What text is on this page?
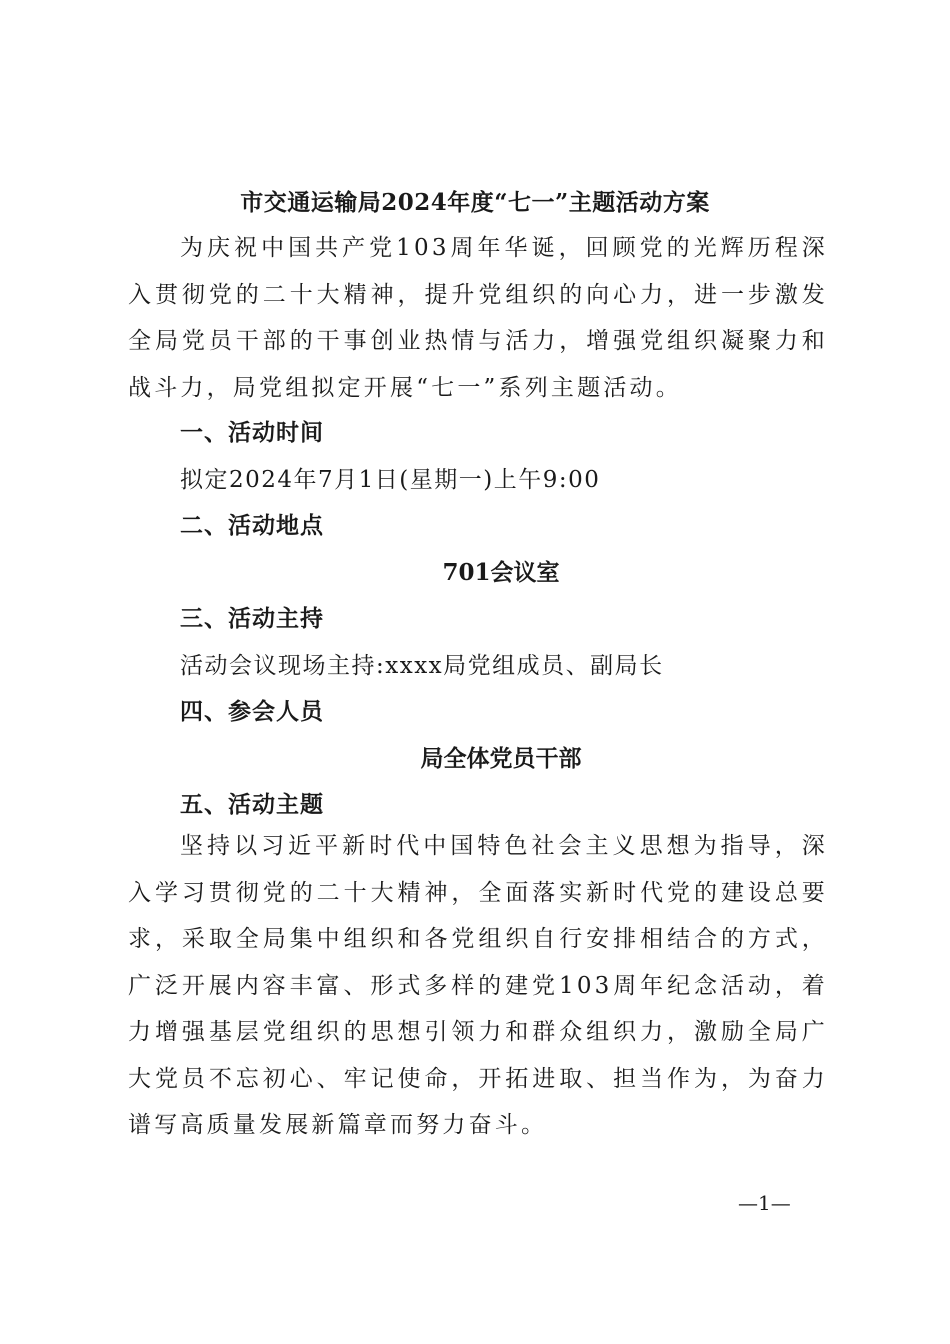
市交通运输局2024年度“七一”主题活动方案
为庆祝中国共产党103周年华诞，回顾党的光辉历程深入贯彻党的二十大精神，提升党组织的向心力，进一步激发全局党员干部的干事创业热情与活力，增强党组织凝聚力和战斗力，局党组拟定开展“七一”系列主题活动。
一、活动时间
拟定2024年7月1日(星期一)上午9:00
二、活动地点
701会议室
三、活动主持
活动会议现场主持:xxxx局党组成员、副局长
四、参会人员
局全体党员干部
五、活动主题
坚持以习近平新时代中国特色社会主义思想为指导，深入学习贯彻党的二十大精神，全面落实新时代党的建设总要求，采取全局集中组织和各党组织自行安排相结合的方式，广泛开展内容丰富、形式多样的建党103周年纪念活动，着力增强基层党组织的思想引领力和群众组织力，激励全局广大党员不忘初心、牢记使命，开拓进取、担当作为，为奋力谱写高质量发展新篇章而努力奋斗。
—1—
